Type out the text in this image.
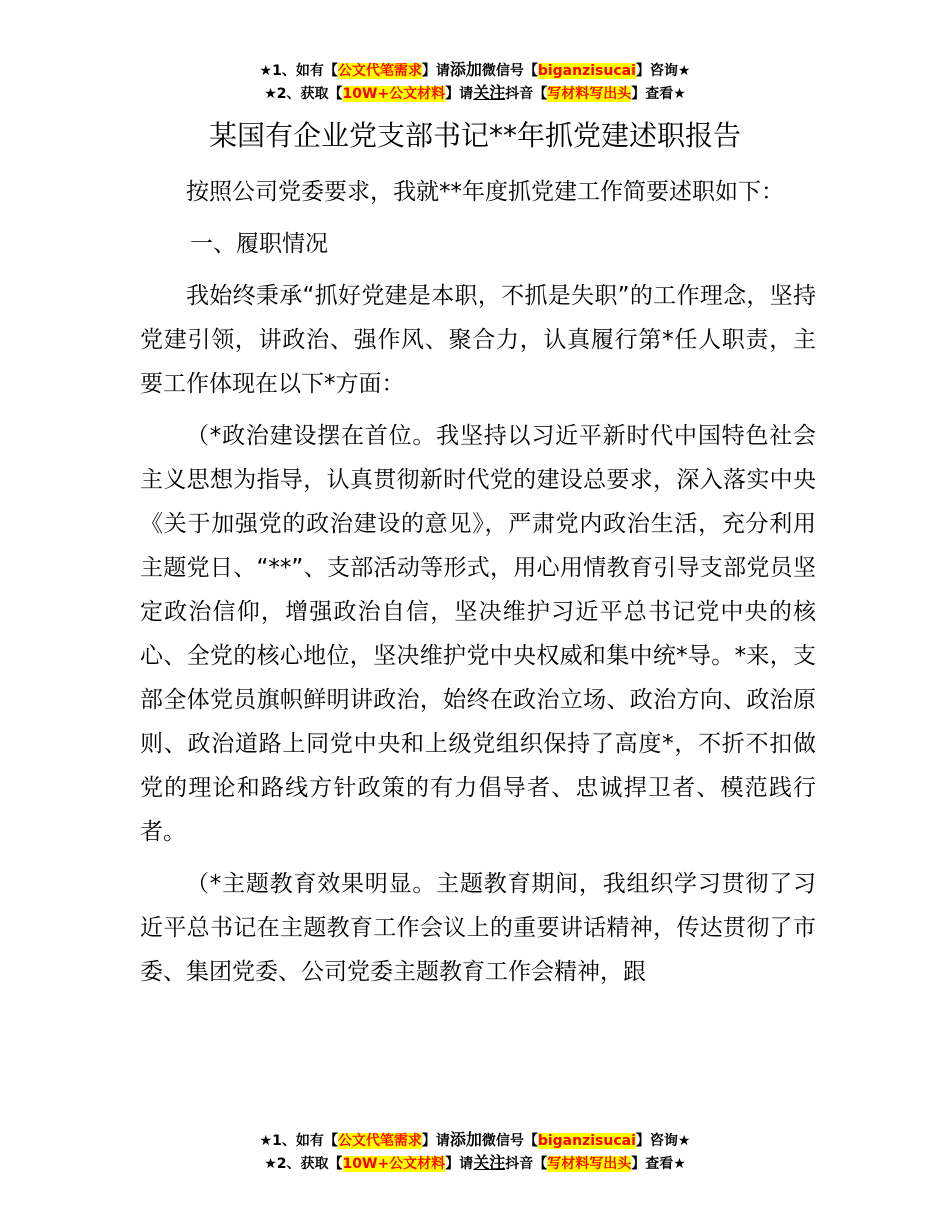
★1、如有【公文代笔需求】请添加微信号【biganzisucai】咨询★
★2、获取【10W+公文材料】请关注抖音【写材料写出头】查看★
某国有企业党支部书记**年抓党建述职报告

按照公司党委要求，我就**年度抓党建工作简要述职如下：

一、履职情况

我始终秉承“抓好党建是本职，不抓是失职”的工作理念，坚持党建引领，讲政治、强作风、聚合力，认真履行第*任人职责，主要工作体现在以下*方面：

（*政治建设摆在首位。我坚持以习近平新时代中国特色社会主义思想为指导，认真贯彻新时代党的建设总要求，深入落实中央《关于加强党的政治建设的意见》，严肃党内政治生活，充分利用主题党日、“**”、支部活动等形式，用心用情教育引导支部党员坚定政治信仰，增强政治自信，坚决维护习近平总书记党中央的核心、全党的核心地位，坚决维护党中央权威和集中统*导。*来，支部全体党员旗帜鲜明讲政治，始终在政治立场、政治方向、政治原则、政治道路上同党中央和上级党组织保持了高度*，不折不扣做党的理论和路线方针政策的有力倡导者、忠诚捍卫者、模范践行者。

（*主题教育效果明显。主题教育期间，我组织学习贯彻了习近平总书记在主题教育工作会议上的重要讲话精神，传达贯彻了市委、集团党委、公司党委主题教育工作会精神，跟

★1、如有【公文代笔需求】请添加微信号【biganzisucai】咨询★
★2、获取【10W+公文材料】请关注抖音【写材料写出头】查看★
